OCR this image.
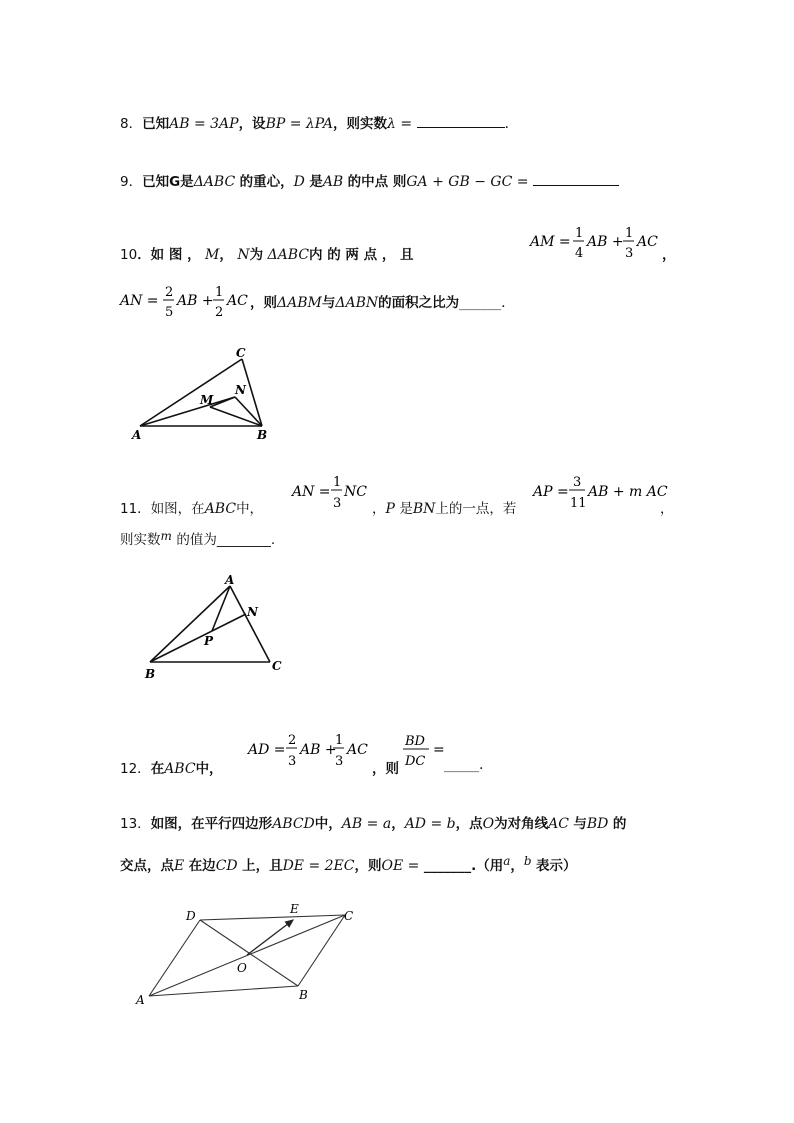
8．已知AB = 3AP，设BP = λPA，则实数λ =	.
9．已知G是ΔABC 的重心，D 是AB 的中点 则GA + GB − GC =
10．如 图 ， M， N为 ΔABC内 的 两 点 ， 且
AM =
1
4
AB +
1
3
AC
，
AN =
2
5
AB +
1
2
AC ，则ΔABM与ΔABN的面积之比为______.
C
N
M
A	B
11．如图，在ABC中，
AN =
1
3
NC
，P 是BN上的一点，若
AP =
3
11
AB + m AC
，
则实数m 的值为________.
A
N
P
B
C
12．在ABC中，
AD =
2
3
AB +
1
3
AC
，则
BD
DC
=
_____.
13．如图，在平行四边形ABCD中，AB = a，AD = b，点O为对角线AC 与BD 的
交点，点E 在边CD 上，且DE = 2EC，则OE = _______.（用a，b 表示）
D	E	C
O
A	B
